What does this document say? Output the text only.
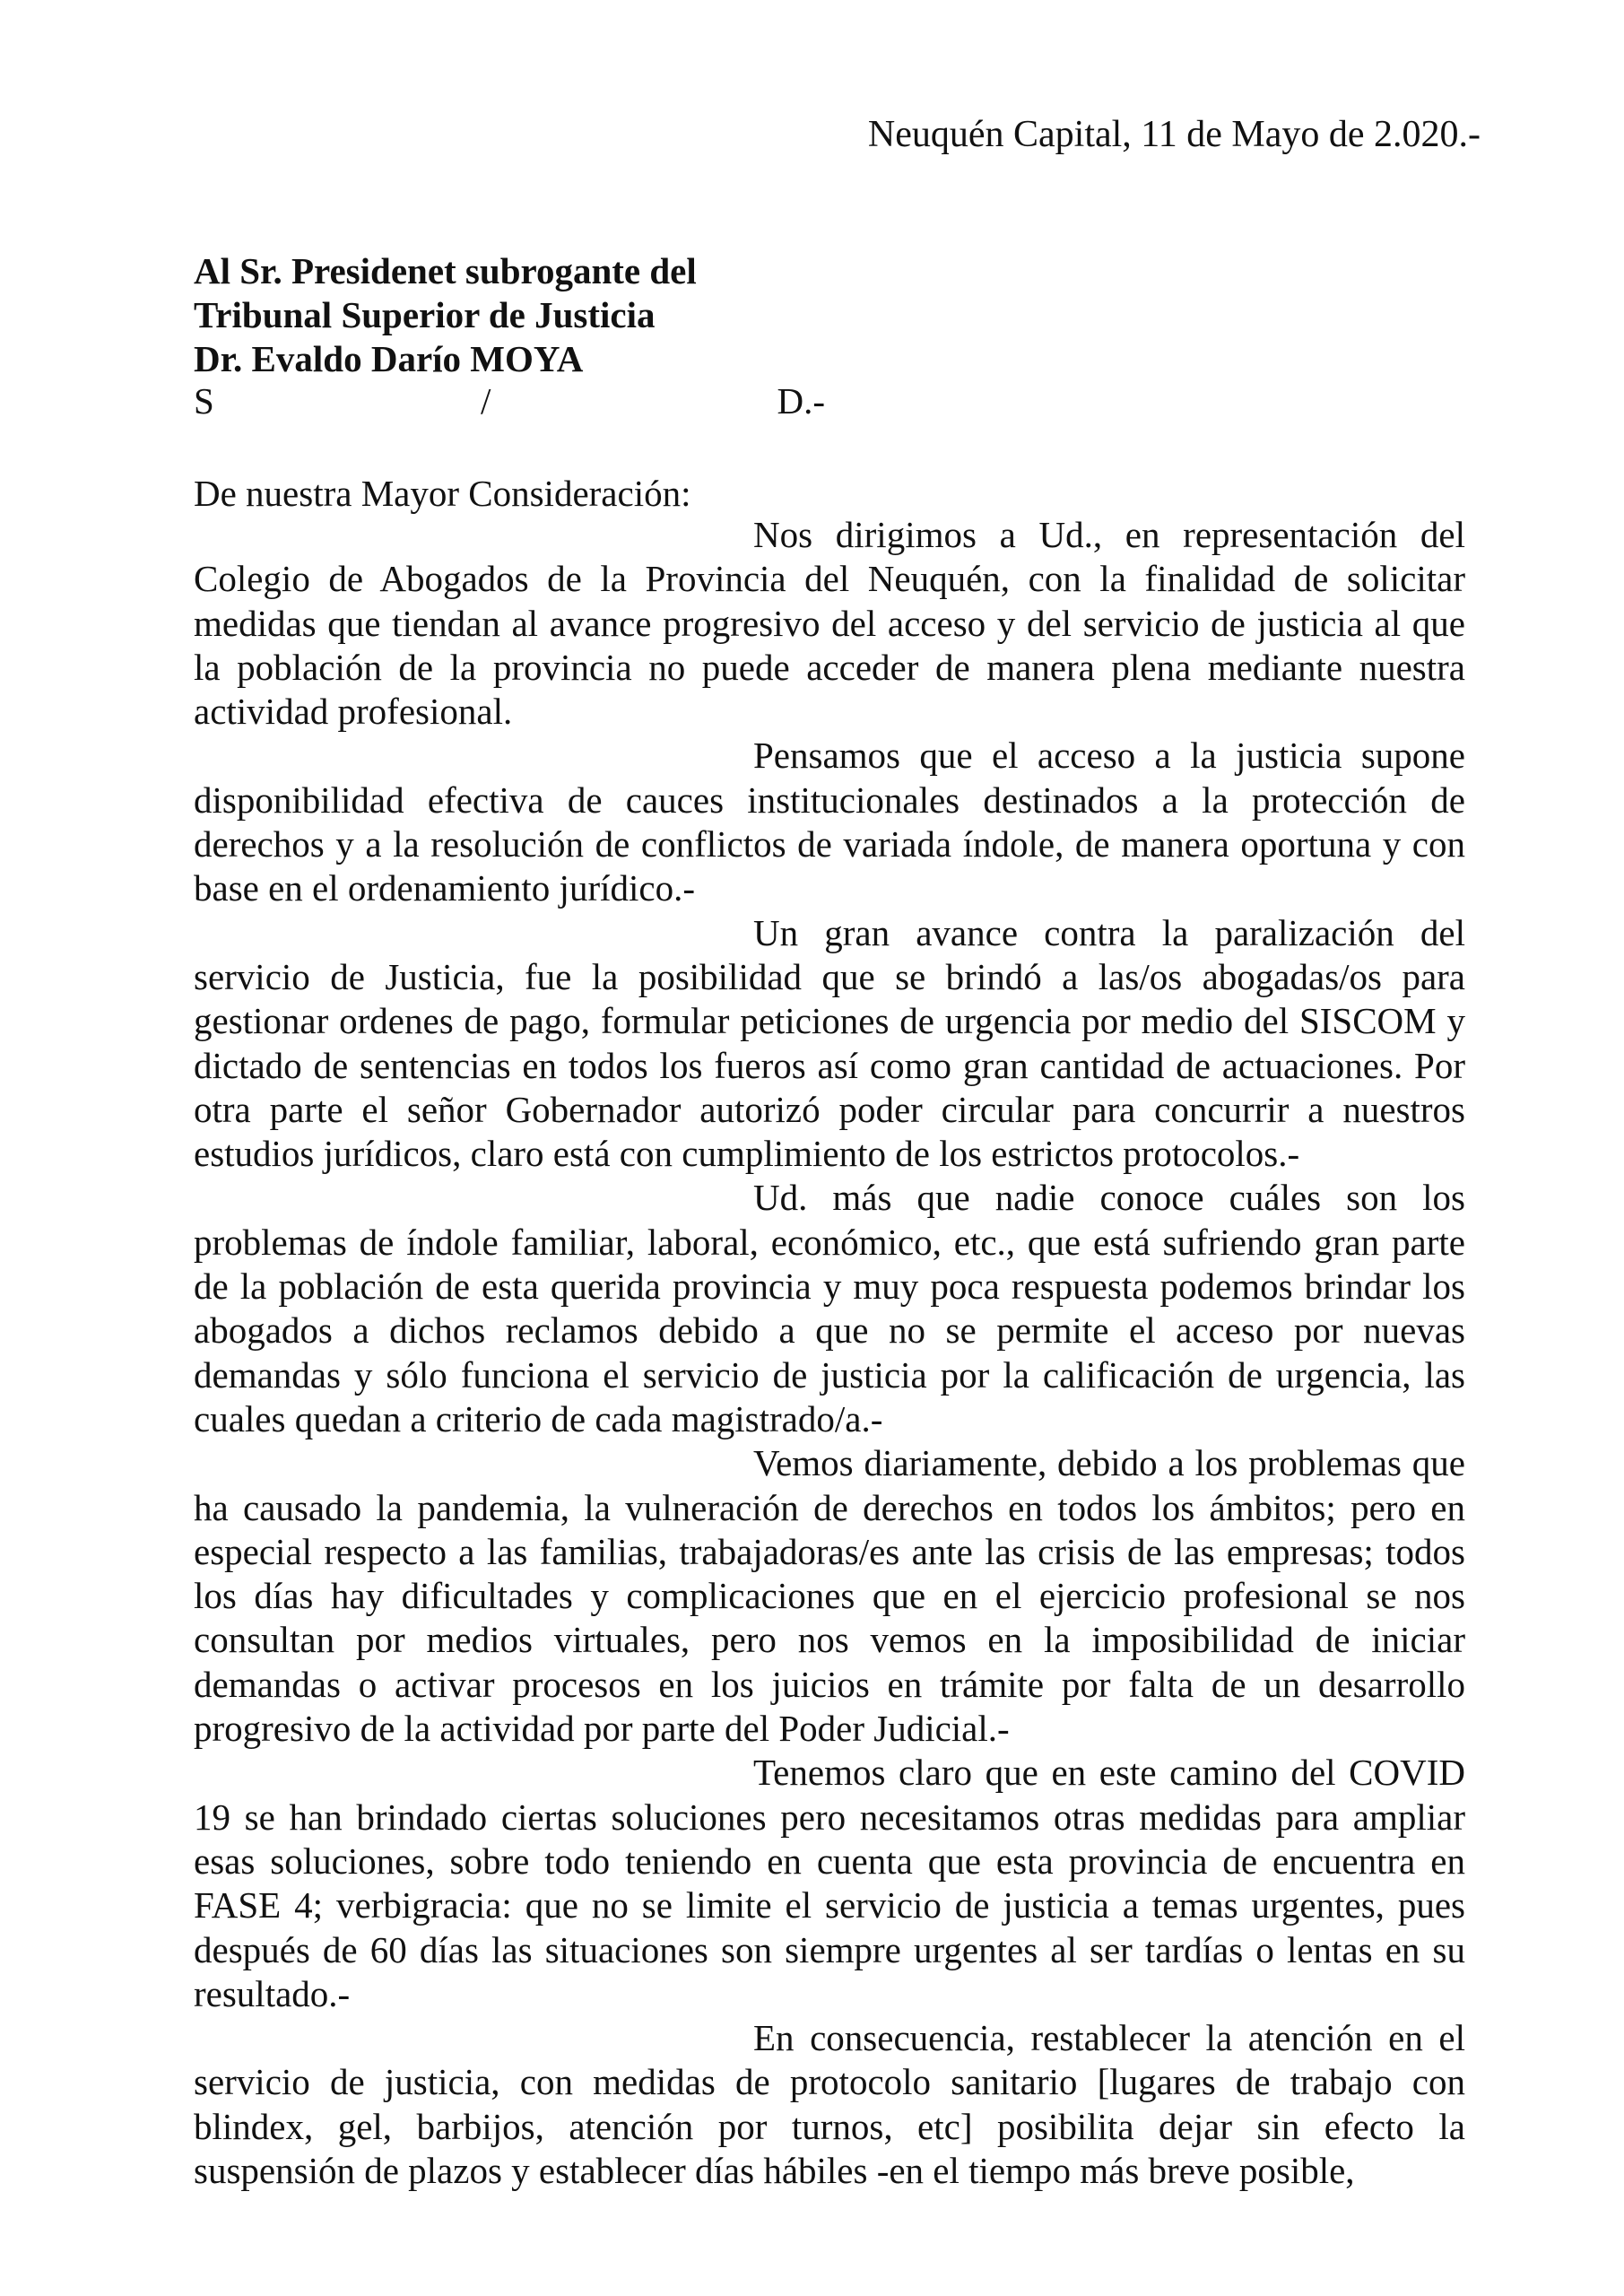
Neuquén Capital, 11 de Mayo de 2.020.-
Al Sr. Presidenet subrogante del
Tribunal Superior de Justicia
Dr. Evaldo Darío MOYA
S	/	D.-
De nuestra Mayor Consideración:

Nos dirigimos a Ud., en representación del Colegio de Abogados de la Provincia del Neuquén, con la finalidad de solicitar medidas que tiendan al avance progresivo del acceso y del servicio de justicia al que la población de la provincia no puede acceder de manera plena mediante nuestra actividad profesional.

Pensamos que el acceso a la justicia supone disponibilidad efectiva de cauces institucionales destinados a la protección de derechos y a la resolución de conflictos de variada índole, de manera oportuna y con base en el ordenamiento jurídico.-

Un gran avance contra la paralización del servicio de Justicia, fue la posibilidad que se brindó a las/os abogadas/os para gestionar ordenes de pago, formular peticiones de urgencia por medio del SISCOM y dictado de sentencias en todos los fueros así como gran cantidad de actuaciones. Por otra parte el señor Gobernador autorizó poder circular para concurrir a nuestros estudios jurídicos, claro está con cumplimiento de los estrictos protocolos.-

Ud. más que nadie conoce cuáles son los problemas de índole familiar, laboral, económico, etc., que está sufriendo gran parte de la población de esta querida provincia y muy poca respuesta podemos brindar los abogados a dichos reclamos debido a que no se permite el acceso por nuevas demandas y sólo funciona el servicio de justicia por la calificación de urgencia, las cuales quedan a criterio de cada magistrado/a.-

Vemos diariamente, debido a los problemas que ha causado la pandemia, la vulneración de derechos en todos los ámbitos; pero en especial respecto a las familias, trabajadoras/es ante las crisis de las empresas; todos los días hay dificultades y complicaciones que en el ejercicio profesional se nos consultan por medios virtuales, pero nos vemos en la imposibilidad de iniciar demandas o activar procesos en los juicios en trámite por falta de un desarrollo progresivo de la actividad por parte del Poder Judicial.-

Tenemos claro que en este camino del COVID 19 se han brindado ciertas soluciones pero necesitamos otras medidas para ampliar esas soluciones, sobre todo teniendo en cuenta que esta provincia de encuentra en FASE 4; verbigracia: que no se limite el servicio de justicia a temas urgentes, pues después de 60 días las situaciones son siempre urgentes al ser tardías o lentas en su resultado.-

En consecuencia, restablecer la atención en el servicio de justicia, con medidas de protocolo sanitario [lugares de trabajo con blindex, gel, barbijos, atención por turnos, etc] posibilita dejar sin efecto la suspensión de plazos y establecer días hábiles -en el tiempo más breve posible,
